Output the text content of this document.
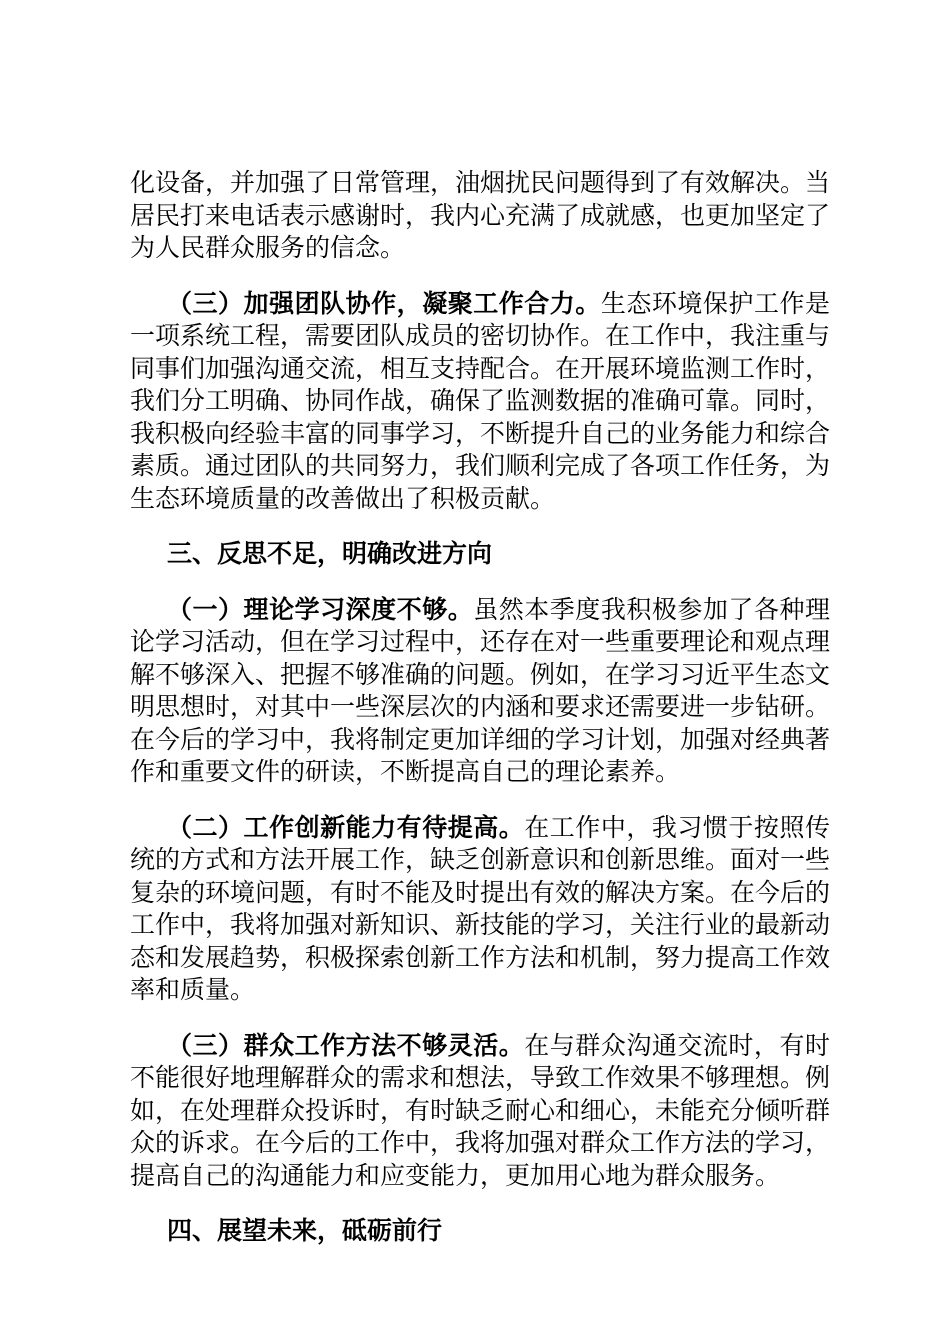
化设备，并加强了日常管理，油烟扰民问题得到了有效解决。当居民打来电话表示感谢时，我内心充满了成就感，也更加坚定了为人民群众服务的信念。

（三）加强团队协作，凝聚工作合力。生态环境保护工作是一项系统工程，需要团队成员的密切协作。在工作中，我注重与同事们加强沟通交流，相互支持配合。在开展环境监测工作时，我们分工明确、协同作战，确保了监测数据的准确可靠。同时，我积极向经验丰富的同事学习，不断提升自己的业务能力和综合素质。通过团队的共同努力，我们顺利完成了各项工作任务，为生态环境质量的改善做出了积极贡献。

三、反思不足，明确改进方向

（一）理论学习深度不够。虽然本季度我积极参加了各种理论学习活动，但在学习过程中，还存在对一些重要理论和观点理解不够深入、把握不够准确的问题。例如，在学习习近平生态文明思想时，对其中一些深层次的内涵和要求还需要进一步钻研。在今后的学习中，我将制定更加详细的学习计划，加强对经典著作和重要文件的研读，不断提高自己的理论素养。

（二）工作创新能力有待提高。在工作中，我习惯于按照传统的方式和方法开展工作，缺乏创新意识和创新思维。面对一些复杂的环境问题，有时不能及时提出有效的解决方案。在今后的工作中，我将加强对新知识、新技能的学习，关注行业的最新动态和发展趋势，积极探索创新工作方法和机制，努力提高工作效率和质量。

（三）群众工作方法不够灵活。在与群众沟通交流时，有时不能很好地理解群众的需求和想法，导致工作效果不够理想。例如，在处理群众投诉时，有时缺乏耐心和细心，未能充分倾听群众的诉求。在今后的工作中，我将加强对群众工作方法的学习，提高自己的沟通能力和应变能力，更加用心地为群众服务。

四、展望未来，砥砺前行
